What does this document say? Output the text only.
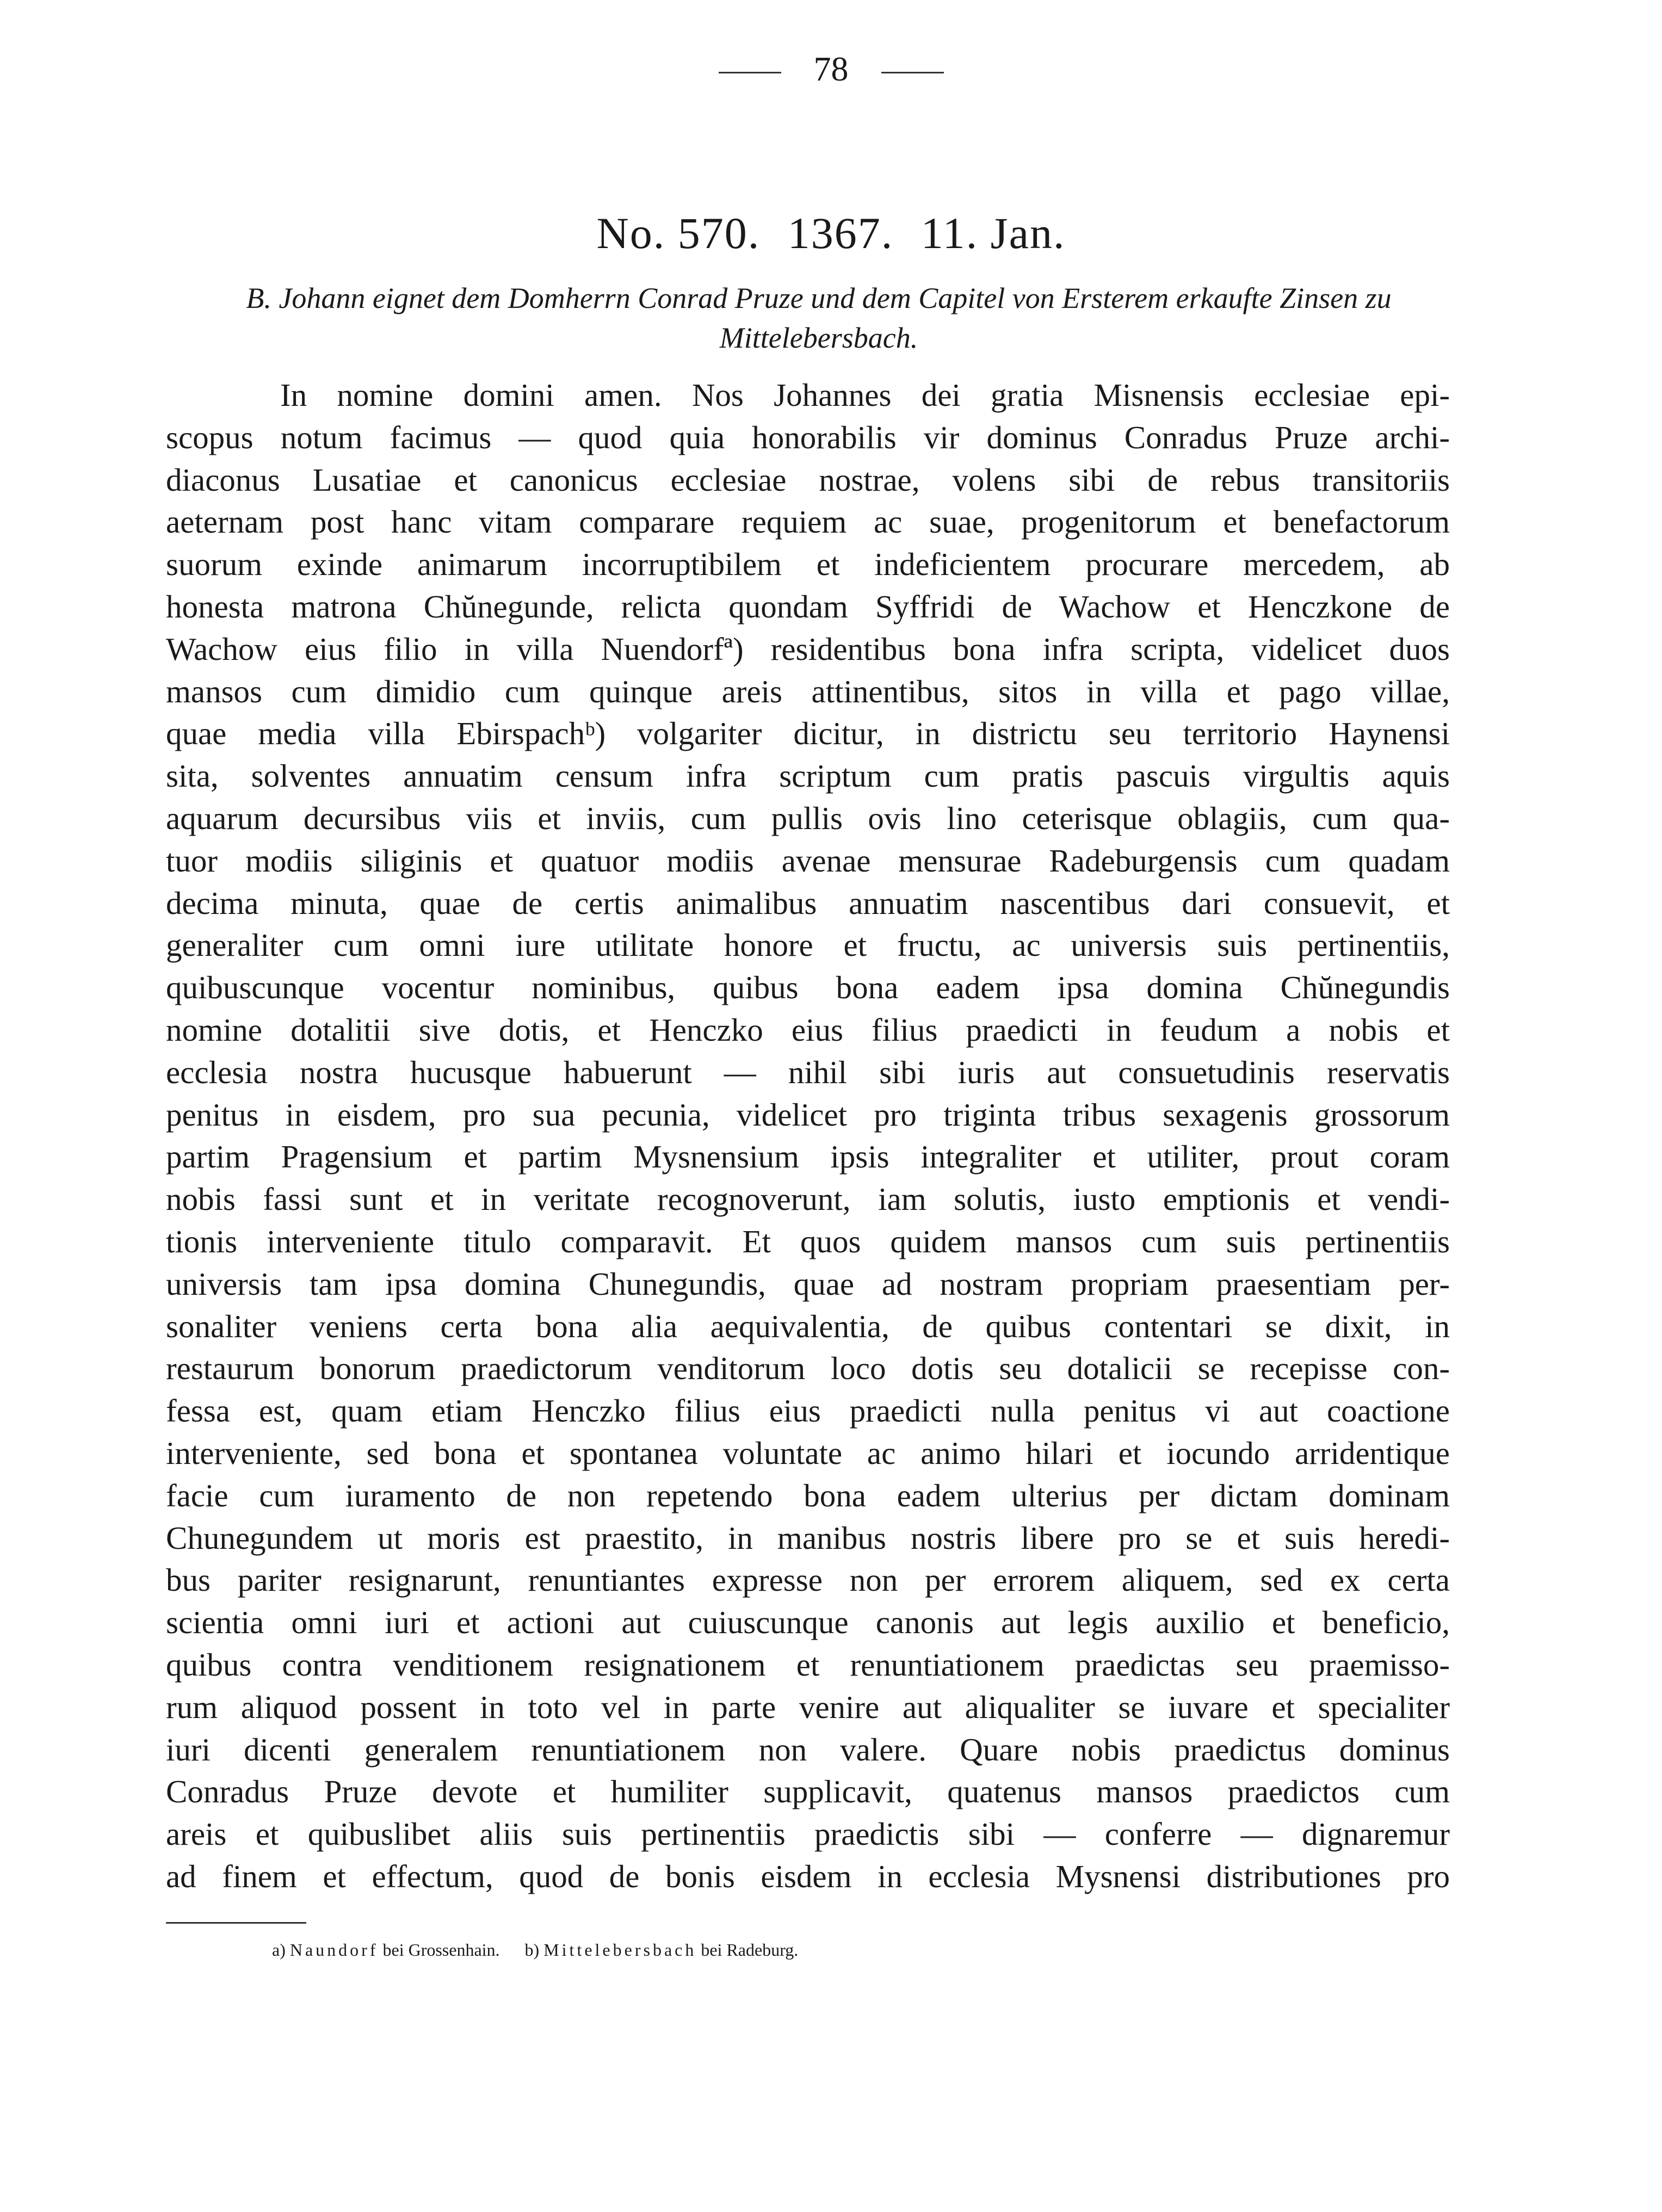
78
No. 570. 1367. 11. Jan.
B. Johann eignet dem Domherrn Conrad Pruze und dem Capitel von Ersterem erkaufte Zinsen zu Mittelebersbach.
In nomine domini amen. Nos Johannes dei gratia Misnensis ecclesiae epi-
scopus notum facimus — quod quia honorabilis vir dominus Conradus Pruze archi-
diaconus Lusatiae et canonicus ecclesiae nostrae, volens sibi de rebus transitoriis
aeternam post hanc vitam comparare requiem ac suae, progenitorum et benefactorum
suorum exinde animarum incorruptibilem et indeficientem procurare mercedem, ab
honesta matrona Chŭnegunde, relicta quondam Syffridi de Wachow et Henczkone de
Wachow eius filio in villa Nuendorfª) residentibus bona infra scripta, videlicet duos
mansos cum dimidio cum quinque areis attinentibus, sitos in villa et pago villae,
quae media villa Ebirspachᵇ) volgariter dicitur, in districtu seu territorio Haynensi
sita, solventes annuatim censum infra scriptum cum pratis pascuis virgultis aquis
aquarum decursibus viis et inviis, cum pullis ovis lino ceterisque oblagiis, cum qua-
tuor modiis siliginis et quatuor modiis avenae mensurae Radeburgensis cum quadam
decima minuta, quae de certis animalibus annuatim nascentibus dari consuevit, et
generaliter cum omni iure utilitate honore et fructu, ac universis suis pertinentiis,
quibuscunque vocentur nominibus, quibus bona eadem ipsa domina Chŭnegundis
nomine dotalitii sive dotis, et Henczko eius filius praedicti in feudum a nobis et
ecclesia nostra hucusque habuerunt — nihil sibi iuris aut consuetudinis reservatis
penitus in eisdem, pro sua pecunia, videlicet pro triginta tribus sexagenis grossorum
partim Pragensium et partim Mysnensium ipsis integraliter et utiliter, prout coram
nobis fassi sunt et in veritate recognoverunt, iam solutis, iusto emptionis et vendi-
tionis interveniente titulo comparavit. Et quos quidem mansos cum suis pertinentiis
universis tam ipsa domina Chunegundis, quae ad nostram propriam praesentiam per-
sonaliter veniens certa bona alia aequivalentia, de quibus contentari se dixit, in
restaurum bonorum praedictorum venditorum loco dotis seu dotalicii se recepisse con-
fessa est, quam etiam Henczko filius eius praedicti nulla penitus vi aut coactione
interveniente, sed bona et spontanea voluntate ac animo hilari et iocundo arridentique
facie cum iuramento de non repetendo bona eadem ulterius per dictam dominam
Chunegundem ut moris est praestito, in manibus nostris libere pro se et suis heredi-
bus pariter resignarunt, renuntiantes expresse non per errorem aliquem, sed ex certa
scientia omni iuri et actioni aut cuiuscunque canonis aut legis auxilio et beneficio,
quibus contra venditionem resignationem et renuntiationem praedictas seu praemisso-
rum aliquod possent in toto vel in parte venire aut aliqualiter se iuvare et specialiter
iuri dicenti generalem renuntiationem non valere. Quare nobis praedictus dominus
Conradus Pruze devote et humiliter supplicavit, quatenus mansos praedictos cum
areis et quibuslibet aliis suis pertinentiis praedictis sibi — conferre — dignaremur
ad finem et effectum, quod de bonis eisdem in ecclesia Mysnensi distributiones pro
a) Naundorf bei Grossenhain. b) Mittelebersbach bei Radeburg.
